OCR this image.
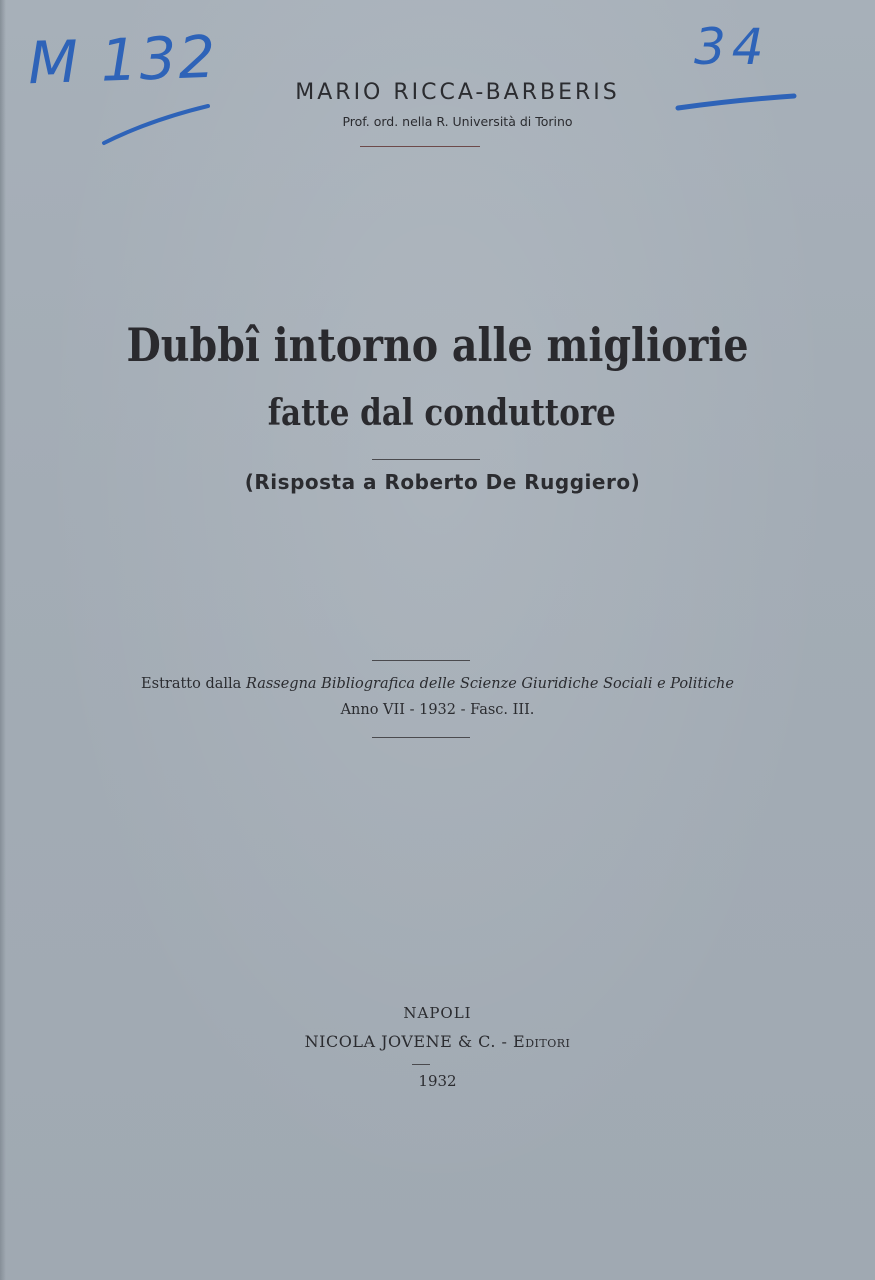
M 132	34
MARIO RICCA-BARBERIS
Prof. ord. nella R. Università di Torino
Dubbî intorno alle migliorie
fatte dal conduttore
(Risposta a Roberto De Ruggiero)
Estratto dalla Rassegna Bibliografica delle Scienze Giuridiche Sociali e Politiche
Anno VII - 1932 - Fasc. III.
NAPOLI
NICOLA JOVENE & C. - Editori
1932
